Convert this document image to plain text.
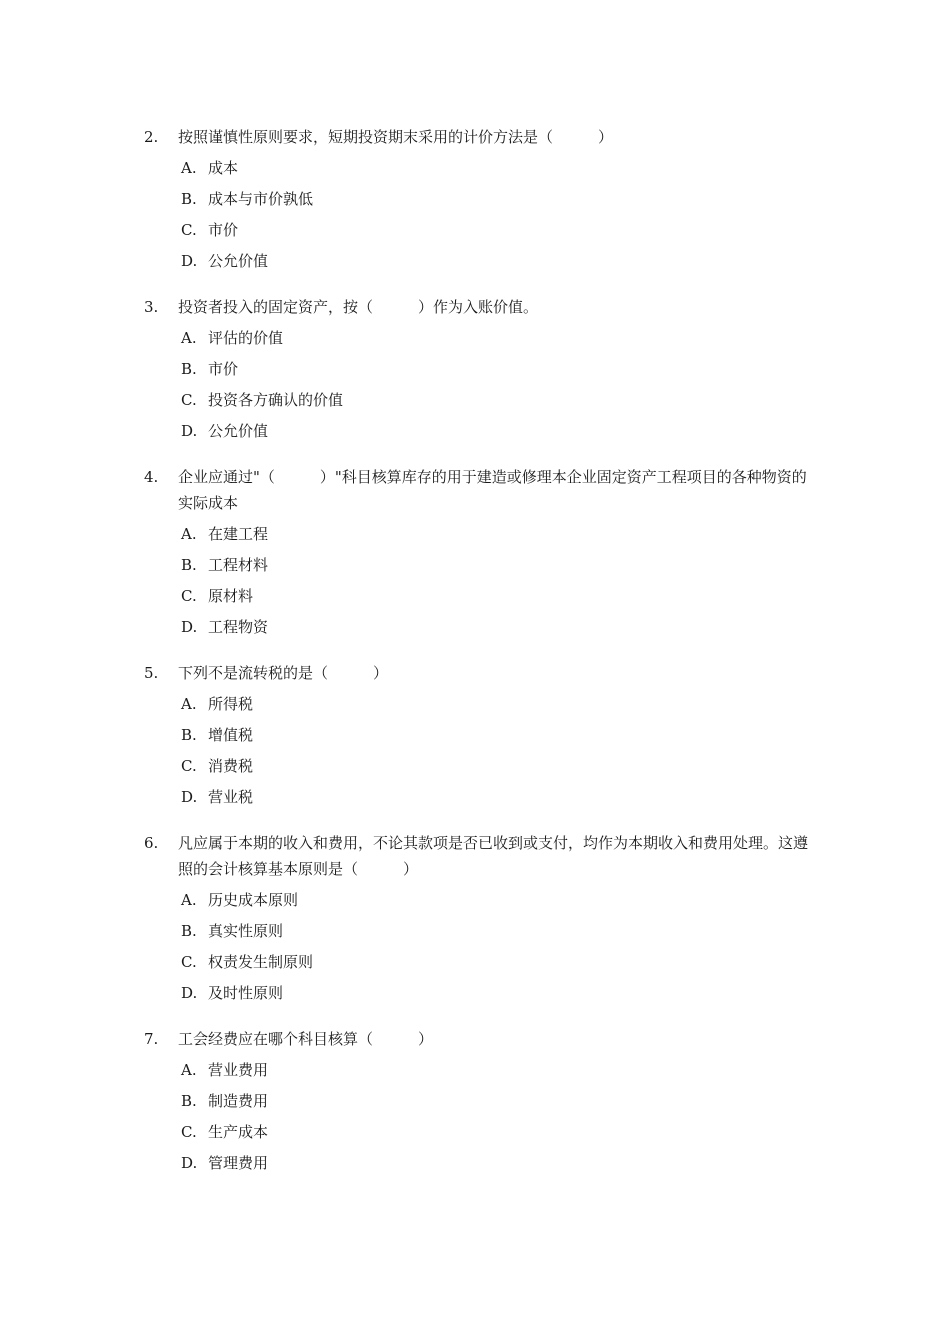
2. 按照谨慎性原则要求，短期投资期末采用的计价方法是（　　　）
A. 成本
B. 成本与市价孰低
C. 市价
D. 公允价值
3. 投资者投入的固定资产，按（　　　）作为入账价值。
A. 评估的价值
B. 市价
C. 投资各方确认的价值
D. 公允价值
4. 企业应通过"（　　　）"科目核算库存的用于建造或修理本企业固定资产工程项目的各种物资的实际成本
A. 在建工程
B. 工程材料
C. 原材料
D. 工程物资
5. 下列不是流转税的是（　　　）
A. 所得税
B. 增值税
C. 消费税
D. 营业税
6. 凡应属于本期的收入和费用，不论其款项是否已收到或支付，均作为本期收入和费用处理。这遵照的会计核算基本原则是（　　　）
A. 历史成本原则
B. 真实性原则
C. 权责发生制原则
D. 及时性原则
7. 工会经费应在哪个科目核算（　　　）
A. 营业费用
B. 制造费用
C. 生产成本
D. 管理费用
